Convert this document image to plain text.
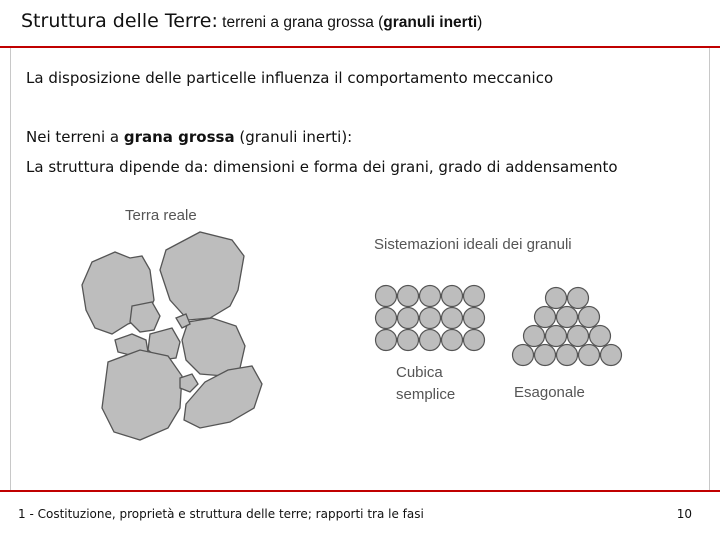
Struttura delle Terre: terreni a grana grossa (granuli inerti)
La disposizione delle particelle influenza il comportamento meccanico
Nei terreni a grana grossa (granuli inerti):
La struttura dipende da: dimensioni e forma dei grani, grado di addensamento
Terra reale
Sistemazioni ideali dei granuli
Cubica
semplice	Esagonale
1 - Costituzione, proprietà e struttura delle terre; rapporti tra le fasi	10
